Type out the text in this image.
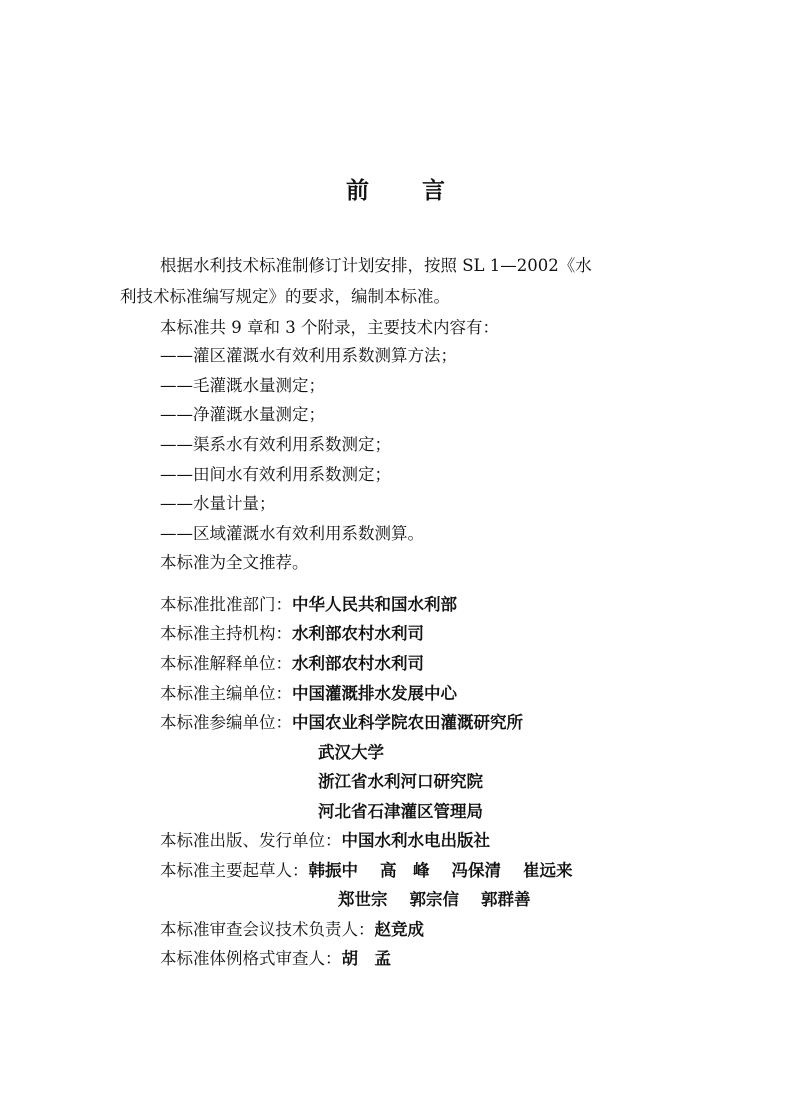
前 言
根据水利技术标准制修订计划安排，按照 SL 1—2002《水
利技术标准编写规定》的要求，编制本标准。
本标准共 9 章和 3 个附录，主要技术内容有：
——灌区灌溉水有效利用系数测算方法；
——毛灌溉水量测定；
——净灌溉水量测定；
——渠系水有效利用系数测定；
——田间水有效利用系数测定；
——水量计量；
——区域灌溉水有效利用系数测算。
本标准为全文推荐。
本标准批准部门：中华人民共和国水利部
本标准主持机构：水利部农村水利司
本标准解释单位：水利部农村水利司
本标准主编单位：中国灌溉排水发展中心
本标准参编单位：中国农业科学院农田灌溉研究所
武汉大学
浙江省水利河口研究院
河北省石津灌区管理局
本标准出版、发行单位：中国水利水电出版社
本标准主要起草人：韩振中 高　峰 冯保清 崔远来
郑世宗 郭宗信 郭群善
本标准审查会议技术负责人：赵竞成
本标准体例格式审查人：胡　孟
